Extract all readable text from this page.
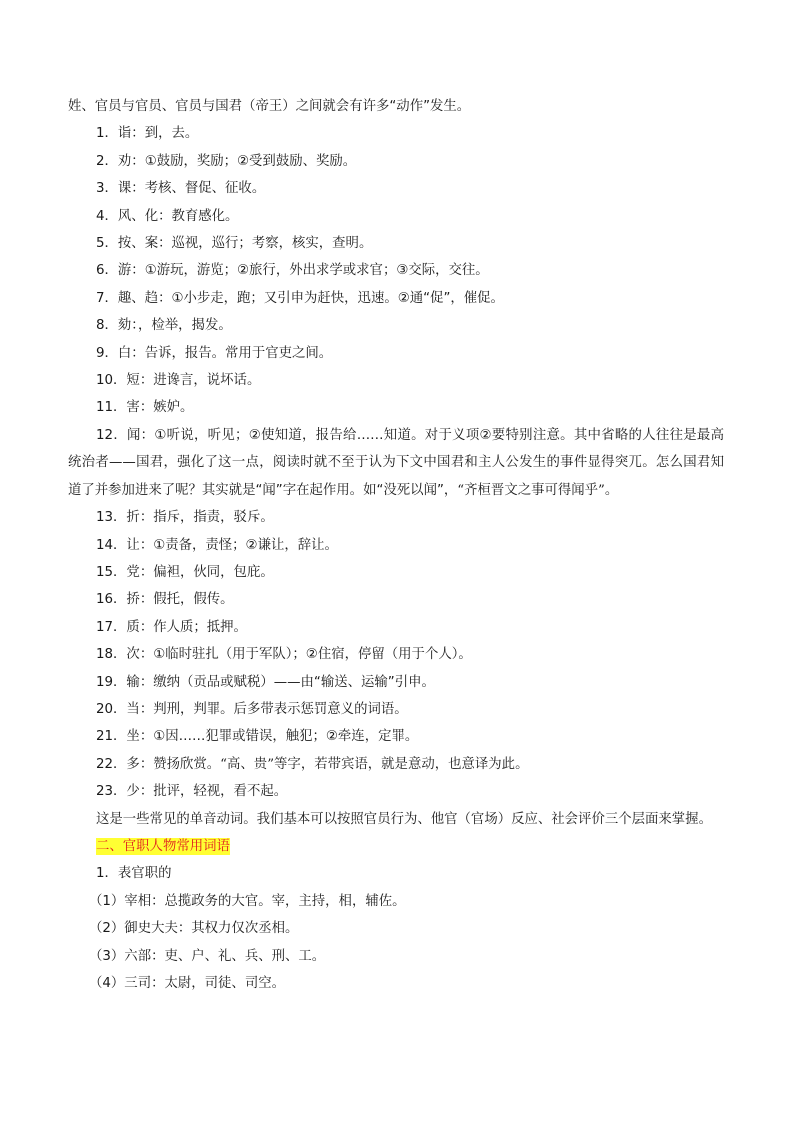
姓、官员与官员、官员与国君（帝王）之间就会有许多“动作”发生。
1．诣：到，去。
2．劝：①鼓励，奖励；②受到鼓励、奖励。
3．课：考核、督促、征收。
4．风、化：教育感化。
5．按、案：巡视，巡行；考察，核实，查明。
6．游：①游玩，游览；②旅行，外出求学或求官；③交际，交往。
7．趣、趋：①小步走，跑；又引申为赶快，迅速。②通“促”，催促。
8．劾：，检举，揭发。
9．白：告诉，报告。常用于官吏之间。
10．短：进谗言，说坏话。
11．害：嫉妒。
12．闻：①听说，听见；②使知道，报告给……知道。对于义项②要特别注意。其中省略的人往往是最高统治者——国君，强化了这一点，阅读时就不至于认为下文中国君和主人公发生的事件显得突兀。怎么国君知道了并参加进来了呢？其实就是“闻”字在起作用。如“没死以闻”，“齐桓晋文之事可得闻乎”。
13．折：指斥，指责，驳斥。
14．让：①责备，责怪；②谦让，辞让。
15．党：偏袒，伙同，包庇。
16．挢：假托，假传。
17．质：作人质；抵押。
18．次：①临时驻扎（用于军队）；②住宿，停留（用于个人）。
19．输：缴纳（贡品或赋税）——由“输送、运输”引申。
20．当：判刑，判罪。后多带表示惩罚意义的词语。
21．坐：①因……犯罪或错误，触犯；②牵连，定罪。
22．多：赞扬欣赏。“高、贵”等字，若带宾语，就是意动，也意译为此。
23．少：批评，轻视，看不起。
这是一些常见的单音动词。我们基本可以按照官员行为、他官（官场）反应、社会评价三个层面来掌握。
二、官职人物常用词语
1．表官职的
（1）宰相：总揽政务的大官。宰，主持，相，辅佐。
（2）御史大夫：其权力仅次丞相。
（3）六部：吏、户、礼、兵、刑、工。
（4）三司：太尉，司徒、司空。
